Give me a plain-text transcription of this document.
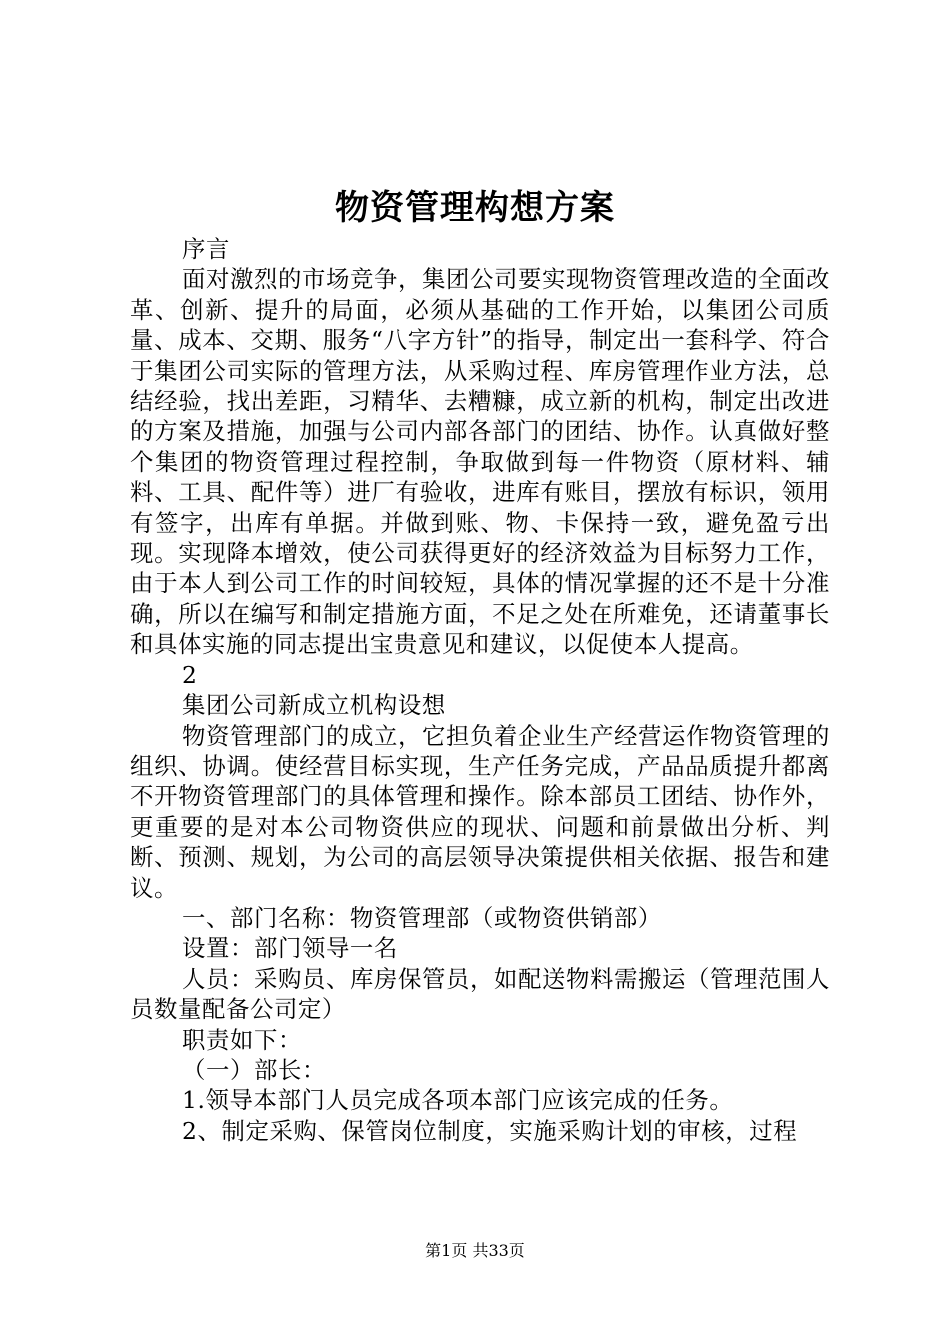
物资管理构想方案

序言

面对激烈的市场竞争，集团公司要实现物资管理改造的全面改革、创新、提升的局面，必须从基础的工作开始，以集团公司质量、成本、交期、服务“八字方针”的指导，制定出一套科学、符合于集团公司实际的管理方法，从采购过程、库房管理作业方法，总结经验，找出差距，习精华、去糟糠，成立新的机构，制定出改进的方案及措施，加强与公司内部各部门的团结、协作。认真做好整个集团的物资管理过程控制，争取做到每一件物资（原材料、辅料、工具、配件等）进厂有验收，进库有账目，摆放有标识，领用有签字，出库有单据。并做到账、物、卡保持一致，避免盈亏出现。实现降本增效，使公司获得更好的经济效益为目标努力工作，由于本人到公司工作的时间较短，具体的情况掌握的还不是十分准确，所以在编写和制定措施方面，不足之处在所难免，还请董事长和具体实施的同志提出宝贵意见和建议，以促使本人提高。

2

集团公司新成立机构设想

物资管理部门的成立，它担负着企业生产经营运作物资管理的组织、协调。使经营目标实现，生产任务完成，产品品质提升都离不开物资管理部门的具体管理和操作。除本部员工团结、协作外，更重要的是对本公司物资供应的现状、问题和前景做出分析、判断、预测、规划，为公司的高层领导决策提供相关依据、报告和建议。

一、部门名称：物资管理部（或物资供销部）

设置：部门领导一名

人员：采购员、库房保管员，如配送物料需搬运（管理范围人员数量配备公司定）

职责如下：

（一）部长：

1.领导本部门人员完成各项本部门应该完成的任务。

2、制定采购、保管岗位制度，实施采购计划的审核，过程

第1页 共33页
